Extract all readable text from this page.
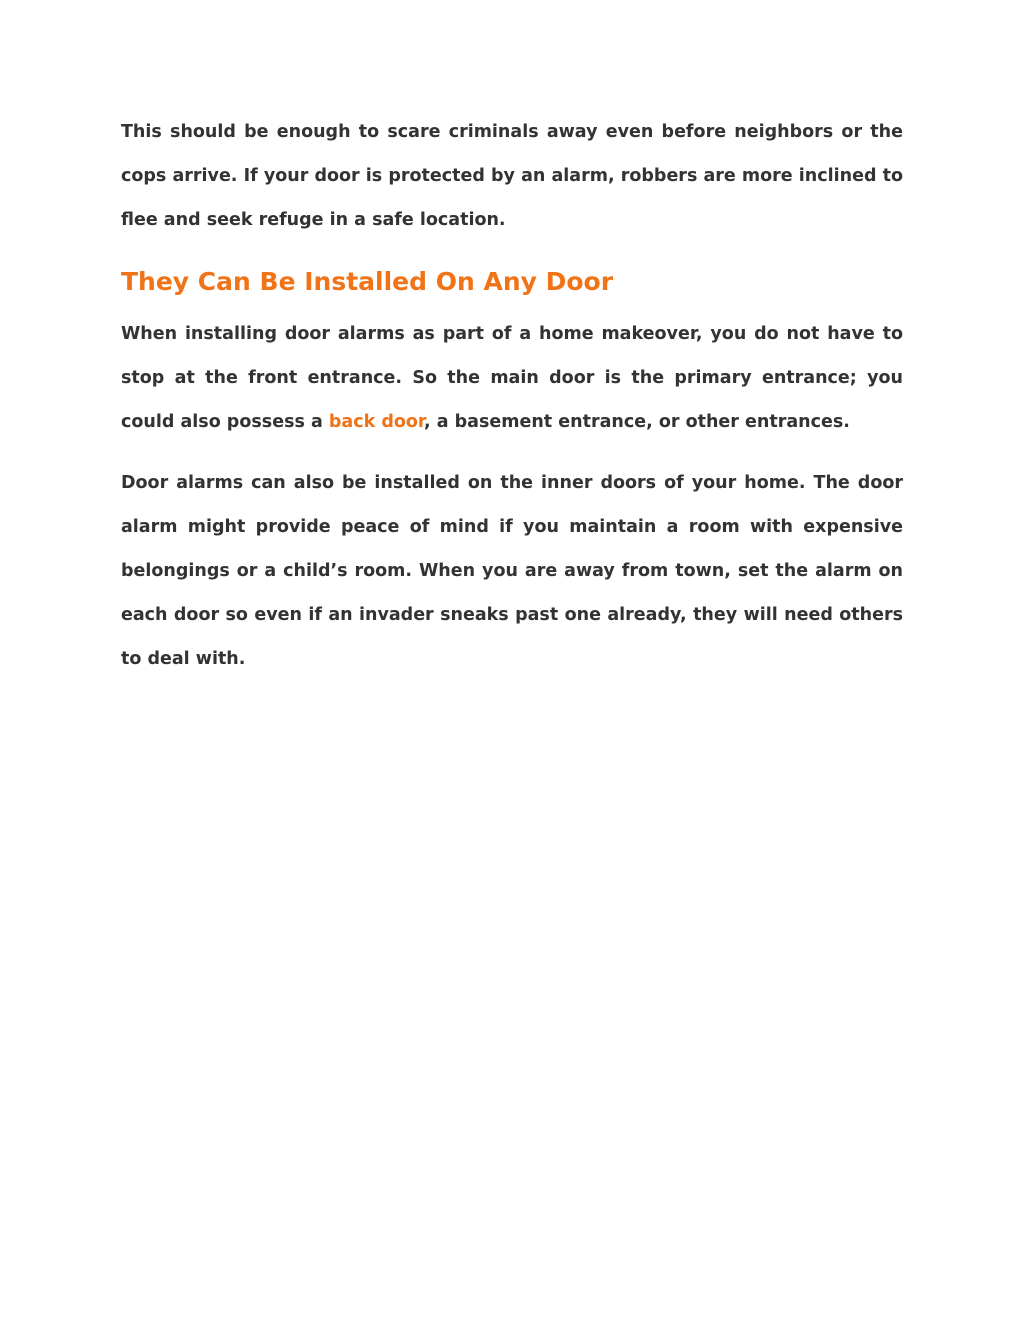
This should be enough to scare criminals away even before neighbors or the cops arrive. If your door is protected by an alarm, robbers are more inclined to flee and seek refuge in a safe location.

They Can Be Installed On Any Door

When installing door alarms as part of a home makeover, you do not have to stop at the front entrance. So the main door is the primary entrance; you could also possess a back door, a basement entrance, or other entrances.

Door alarms can also be installed on the inner doors of your home. The door alarm might provide peace of mind if you maintain a room with expensive belongings or a child’s room. When you are away from town, set the alarm on each door so even if an invader sneaks past one already, they will need others to deal with.
